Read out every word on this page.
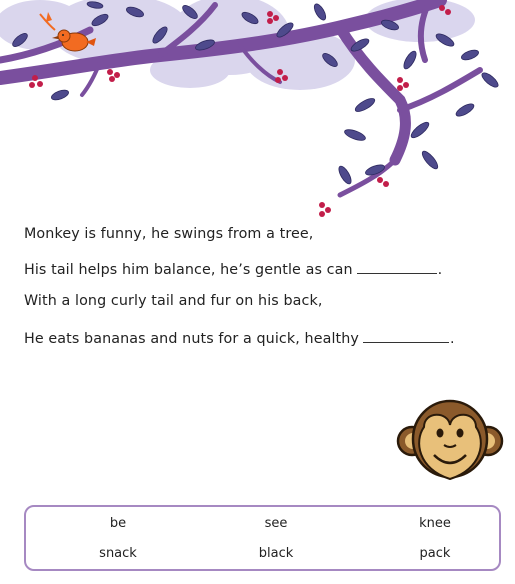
Monkey is funny, he swings from a tree,
His tail helps him balance, he’s gentle as can	.
With a long curly tail and fur on his back,
He eats bananas and nuts for a quick, healthy	.
be	see	knee
snack	black	pack
